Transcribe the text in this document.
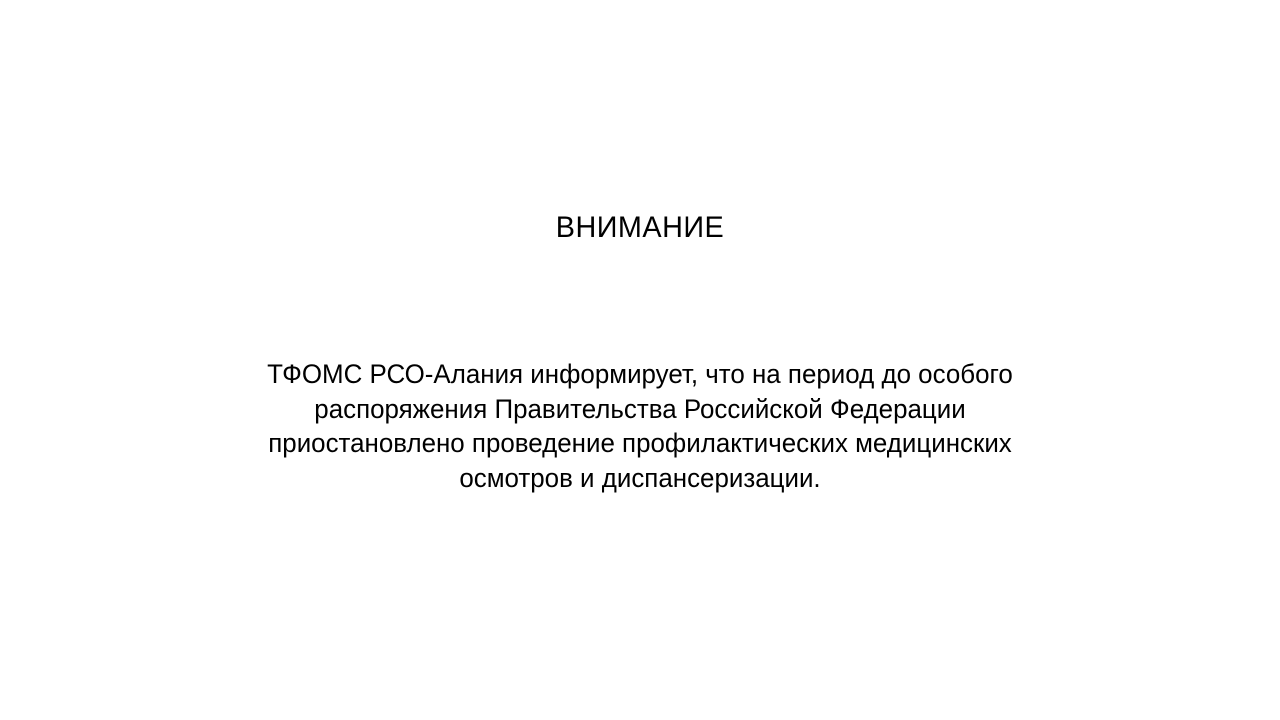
ВНИМАНИЕ
ТФОМС РСО-Алания информирует, что на период до особого
распоряжения Правительства Российской Федерации
приостановлено проведение профилактических медицинских
осмотров и диспансеризации.
